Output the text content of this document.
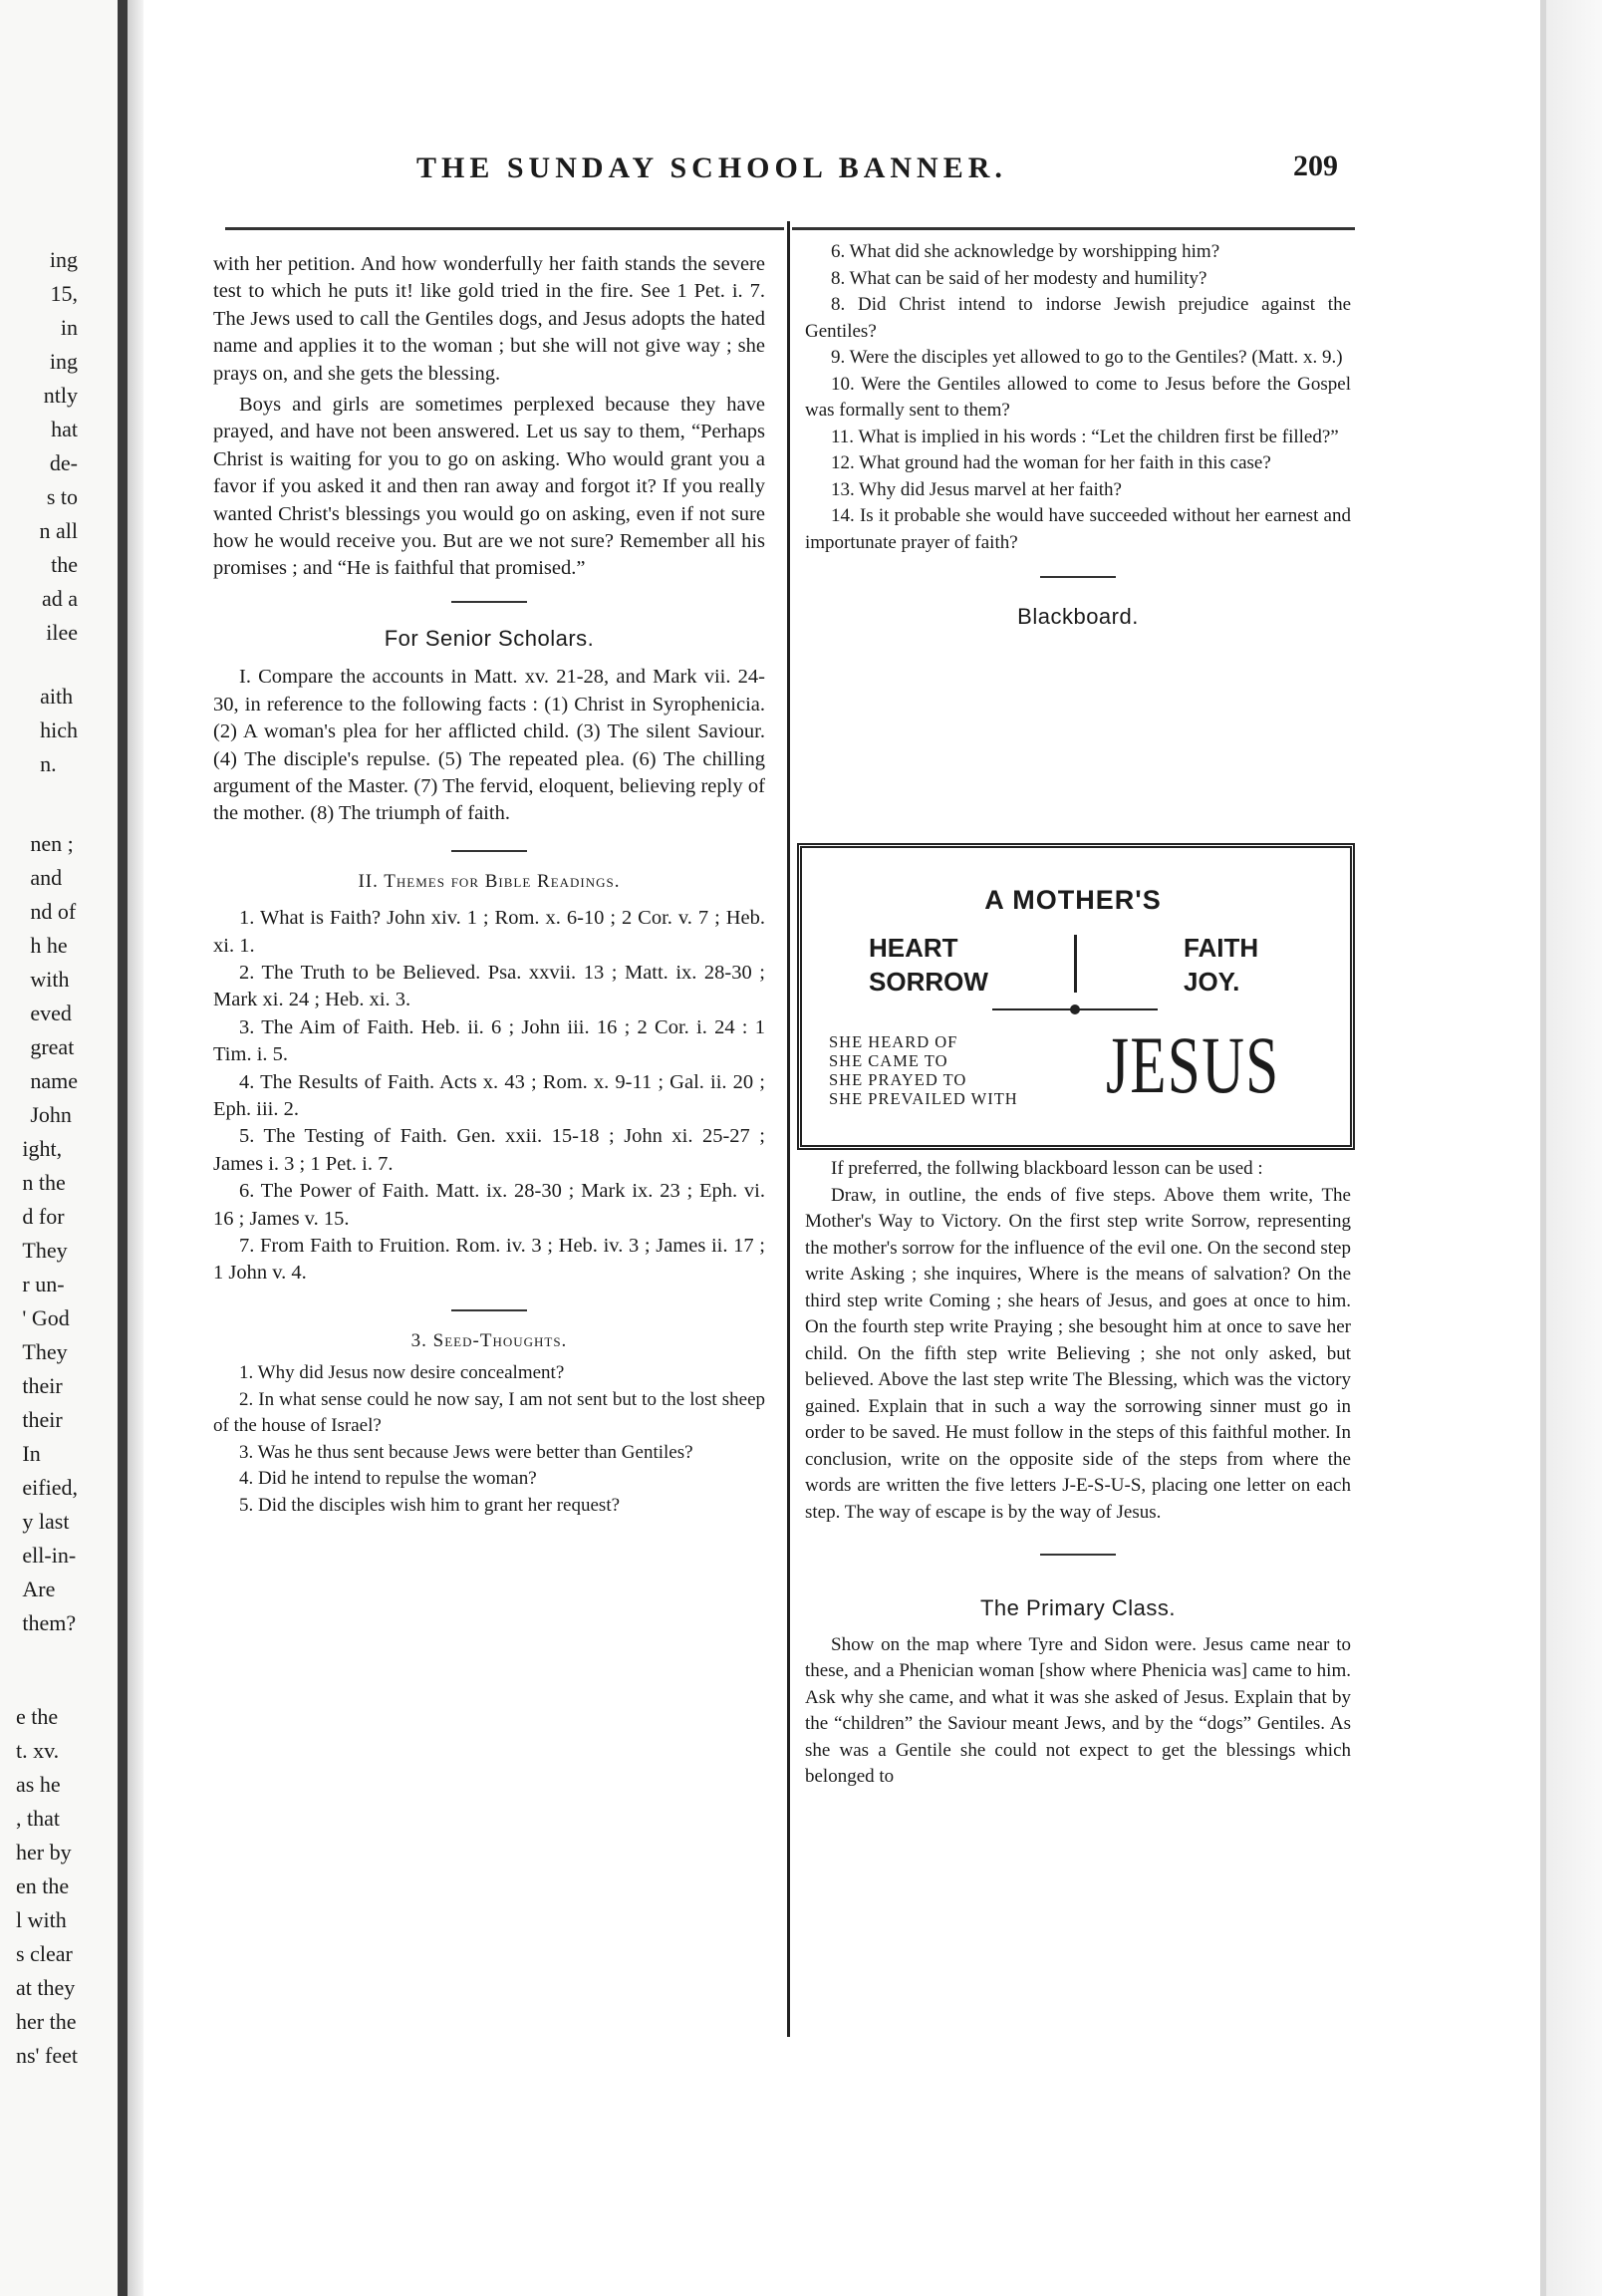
ing
15,
in
ing
ntly
hat
de-
s to
n all
the
ad a
ilee
aith
hich
n.
nen ;
and
nd of
h he
with
eved
great
name
John
ight,
n the
d for
They
r un-
' God
They
their
their
In
eified,
y last
ell-in-
Are
them?
e the
t. xv.
as he
, that
her by
en the
l with
s clear
at they
her the
ns' feet
THE SUNDAY SCHOOL BANNER.	209

with her petition. And how wonderfully her faith stands the severe test to which he puts it! like gold tried in the fire. See 1 Pet. i. 7. The Jews used to call the Gentiles dogs, and Jesus adopts the hated name and applies it to the woman ; but she will not give way ; she prays on, and she gets the blessing.

Boys and girls are sometimes perplexed because they have prayed, and have not been answered. Let us say to them, “Perhaps Christ is waiting for you to go on asking. Who would grant you a favor if you asked it and then ran away and forgot it? If you really wanted Christ's blessings you would go on asking, even if not sure how he would receive you. But are we not sure? Remember all his promises ; and “He is faithful that promised.”

For Senior Scholars.

I. Compare the accounts in Matt. xv. 21-28, and Mark vii. 24-30, in reference to the following facts : (1) Christ in Syrophenicia. (2) A woman's plea for her afflicted child. (3) The silent Saviour. (4) The disciple's repulse. (5) The repeated plea. (6) The chilling argument of the Master. (7) The fervid, eloquent, believing reply of the mother. (8) The triumph of faith.

II. Themes for Bible Readings.

1. What is Faith? John xiv. 1 ; Rom. x. 6-10 ; 2 Cor. v. 7 ; Heb. xi. 1.

2. The Truth to be Believed. Psa. xxvii. 13 ; Matt. ix. 28-30 ; Mark xi. 24 ; Heb. xi. 3.

3. The Aim of Faith. Heb. ii. 6 ; John iii. 16 ; 2 Cor. i. 24 : 1 Tim. i. 5.

4. The Results of Faith. Acts x. 43 ; Rom. x. 9-11 ; Gal. ii. 20 ; Eph. iii. 2.

5. The Testing of Faith. Gen. xxii. 15-18 ; John xi. 25-27 ; James i. 3 ; 1 Pet. i. 7.

6. The Power of Faith. Matt. ix. 28-30 ; Mark ix. 23 ; Eph. vi. 16 ; James v. 15.

7. From Faith to Fruition. Rom. iv. 3 ; Heb. iv. 3 ; James ii. 17 ; 1 John v. 4.

3. Seed-Thoughts.

1. Why did Jesus now desire concealment?

2. In what sense could he now say, I am not sent but to the lost sheep of the house of Israel?

3. Was he thus sent because Jews were better than Gentiles?

4. Did he intend to repulse the woman?

5. Did the disciples wish him to grant her request?

6. What did she acknowledge by worshipping him?

8. What can be said of her modesty and humility?

8. Did Christ intend to indorse Jewish prejudice against the Gentiles?

9. Were the disciples yet allowed to go to the Gentiles? (Matt. x. 9.)

10. Were the Gentiles allowed to come to Jesus before the Gospel was formally sent to them?

11. What is implied in his words : “Let the children first be filled?”

12. What ground had the woman for her faith in this case?

13. Why did Jesus marvel at her faith?

14. Is it probable she would have succeeded without her earnest and importunate prayer of faith?

Blackboard.

A MOTHER'S
HEART
SORROW
FAITH
JOY.
SHE HEARD OF
SHE CAME TO
SHE PRAYED TO
SHE PREVAILED WITH JESUS

If preferred, the follwing blackboard lesson can be used :

Draw, in outline, the ends of five steps. Above them write, The Mother's Way to Victory. On the first step write Sorrow, representing the mother's sorrow for the influence of the evil one. On the second step write Asking ; she inquires, Where is the means of salvation? On the third step write Coming ; she hears of Jesus, and goes at once to him. On the fourth step write Praying ; she besought him at once to save her child. On the fifth step write Believing ; she not only asked, but believed. Above the last step write The Blessing, which was the victory gained. Explain that in such a way the sorrowing sinner must go in order to be saved. He must follow in the steps of this faithful mother. In conclusion, write on the opposite side of the steps from where the words are written the five letters J-E-S-U-S, placing one letter on each step. The way of escape is by the way of Jesus.

The Primary Class.

Show on the map where Tyre and Sidon were. Jesus came near to these, and a Phenician woman [show where Phenicia was] came to him. Ask why she came, and what it was she asked of Jesus. Explain that by the “children” the Saviour meant Jews, and by the “dogs” Gentiles. As she was a Gentile she could not expect to get the blessings which belonged to
